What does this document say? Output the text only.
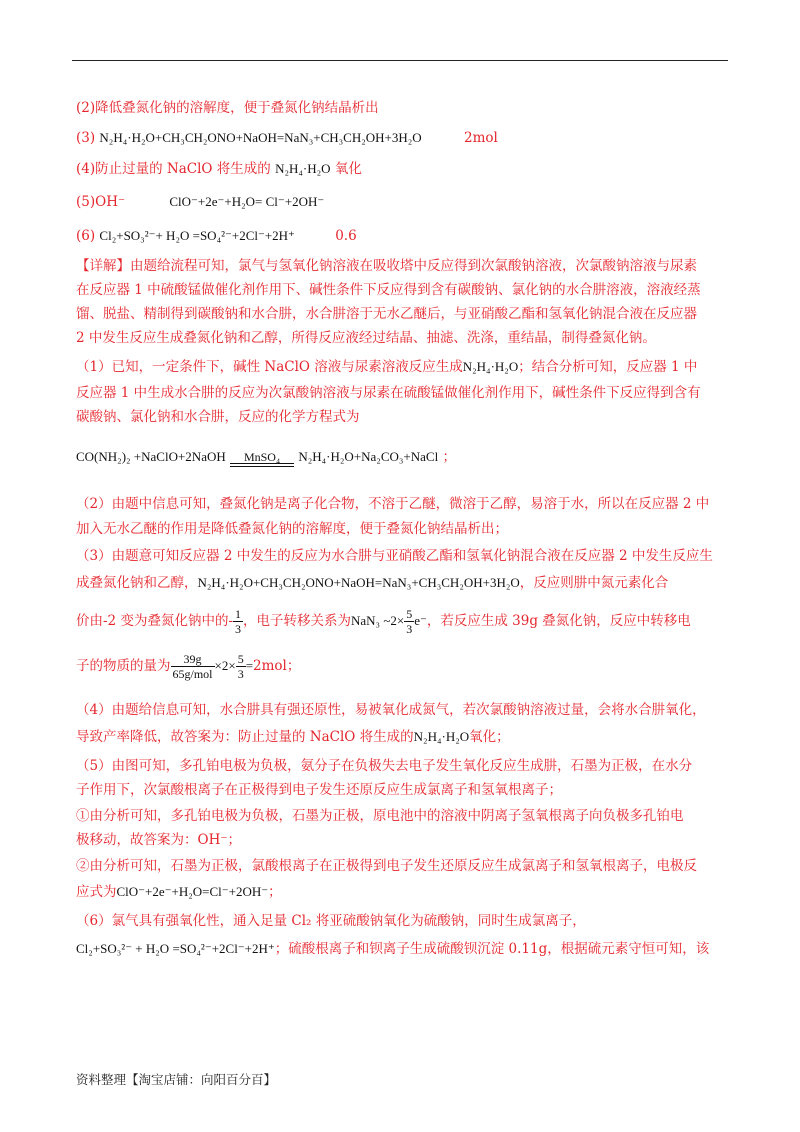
(2)降低叠氮化钠的溶解度，便于叠氮化钠结晶析出
(3) N₂H₄·H₂O+CH₃CH₂ONO+NaOH=NaN₃+CH₃CH₂OH+3H₂O	2mol
(4)防止过量的 NaClO 将生成的 N₂H₄·H₂O 氧化
(5)OH⁻	ClO⁻+2e⁻+H₂O= Cl⁻+2OH⁻
(6) Cl₂+SO₃²⁻+ H₂O =SO₄²⁻+2Cl⁻+2H⁺	0.6
【详解】由题给流程可知，氯气与氢氧化钠溶液在吸收塔中反应得到次氯酸钠溶液，次氯酸钠溶液与尿素
在反应器 1 中硫酸锰做催化剂作用下、碱性条件下反应得到含有碳酸钠、氯化钠的水合肼溶液，溶液经蒸
馏、脱盐、精制得到碳酸钠和水合肼，水合肼溶于无水乙醚后，与亚硝酸乙酯和氢氧化钠混合液在反应器
2 中发生反应生成叠氮化钠和乙醇，所得反应液经过结晶、抽滤、洗涤，重结晶，制得叠氮化钠。
（1）已知，一定条件下，碱性 NaClO 溶液与尿素溶液反应生成N₂H₄·H₂O；结合分析可知，反应器 1 中
反应器 1 中生成水合肼的反应为次氯酸钠溶液与尿素在硫酸锰做催化剂作用下，碱性条件下反应得到含有
碳酸钠、氯化钠和水合肼，反应的化学方程式为
CO(NH₂)₂ +NaClO+2NaOH	MnSO₄	N₂H₄·H₂O+Na₂CO₃+NaCl ；
（2）由题中信息可知，叠氮化钠是离子化合物，不溶于乙醚，微溶于乙醇，易溶于水，所以在反应器 2 中
加入无水乙醚的作用是降低叠氮化钠的溶解度，便于叠氮化钠结晶析出；
（3）由题意可知反应器 2 中发生的反应为水合肼与亚硝酸乙酯和氢氧化钠混合液在反应器 2 中发生反应生
成叠氮化钠和乙醇，N₂H₄·H₂O+CH₃CH₂ONO+NaOH=NaN₃+CH₃CH₂OH+3H₂O，反应则肼中氮元素化合
价由-2 变为叠氮化钠中的- $\frac{1}{3}$ ，电子转移关系为NaN₃ ~2× $\frac{5}{3} e^-$，若反应生成 39g 叠氮化钠，反应中转移电
子的物质的量为 $\frac{39g}{\text{65g/mol}} \times 2\times \frac{5}{3} =2mol$；
（4）由题给信息可知，水合肼具有强还原性，易被氧化成氮气，若次氯酸钠溶液过量，会将水合肼氧化，
导致产率降低，故答案为：防止过量的 NaClO 将生成的N₂H₄·H₂O氧化；
（5）由图可知，多孔铂电极为负极，氨分子在负极失去电子发生氧化反应生成肼，石墨为正极，在水分
子作用下，次氯酸根离子在正极得到电子发生还原反应生成氯离子和氢氧根离子；
①由分析可知，多孔铂电极为负极，石墨为正极，原电池中的溶液中阴离子氢氧根离子向负极多孔铂电
极移动，故答案为：OH⁻；
②由分析可知，石墨为正极，氯酸根离子在正极得到电子发生还原反应生成氯离子和氢氧根离子，电极反
应式为ClO⁻+2e⁻+H₂O=Cl⁻+2OH⁻；
（6）氯气具有强氧化性，通入足量 Cl₂ 将亚硫酸钠氧化为硫酸钠，同时生成氯离子，
Cl₂+SO₃²⁻ + H₂O =SO₄²⁻+2Cl⁻+2H⁺；硫酸根离子和钡离子生成硫酸钡沉淀 0.11g，根据硫元素守恒可知，该
资料整理【淘宝店铺：向阳百分百】
